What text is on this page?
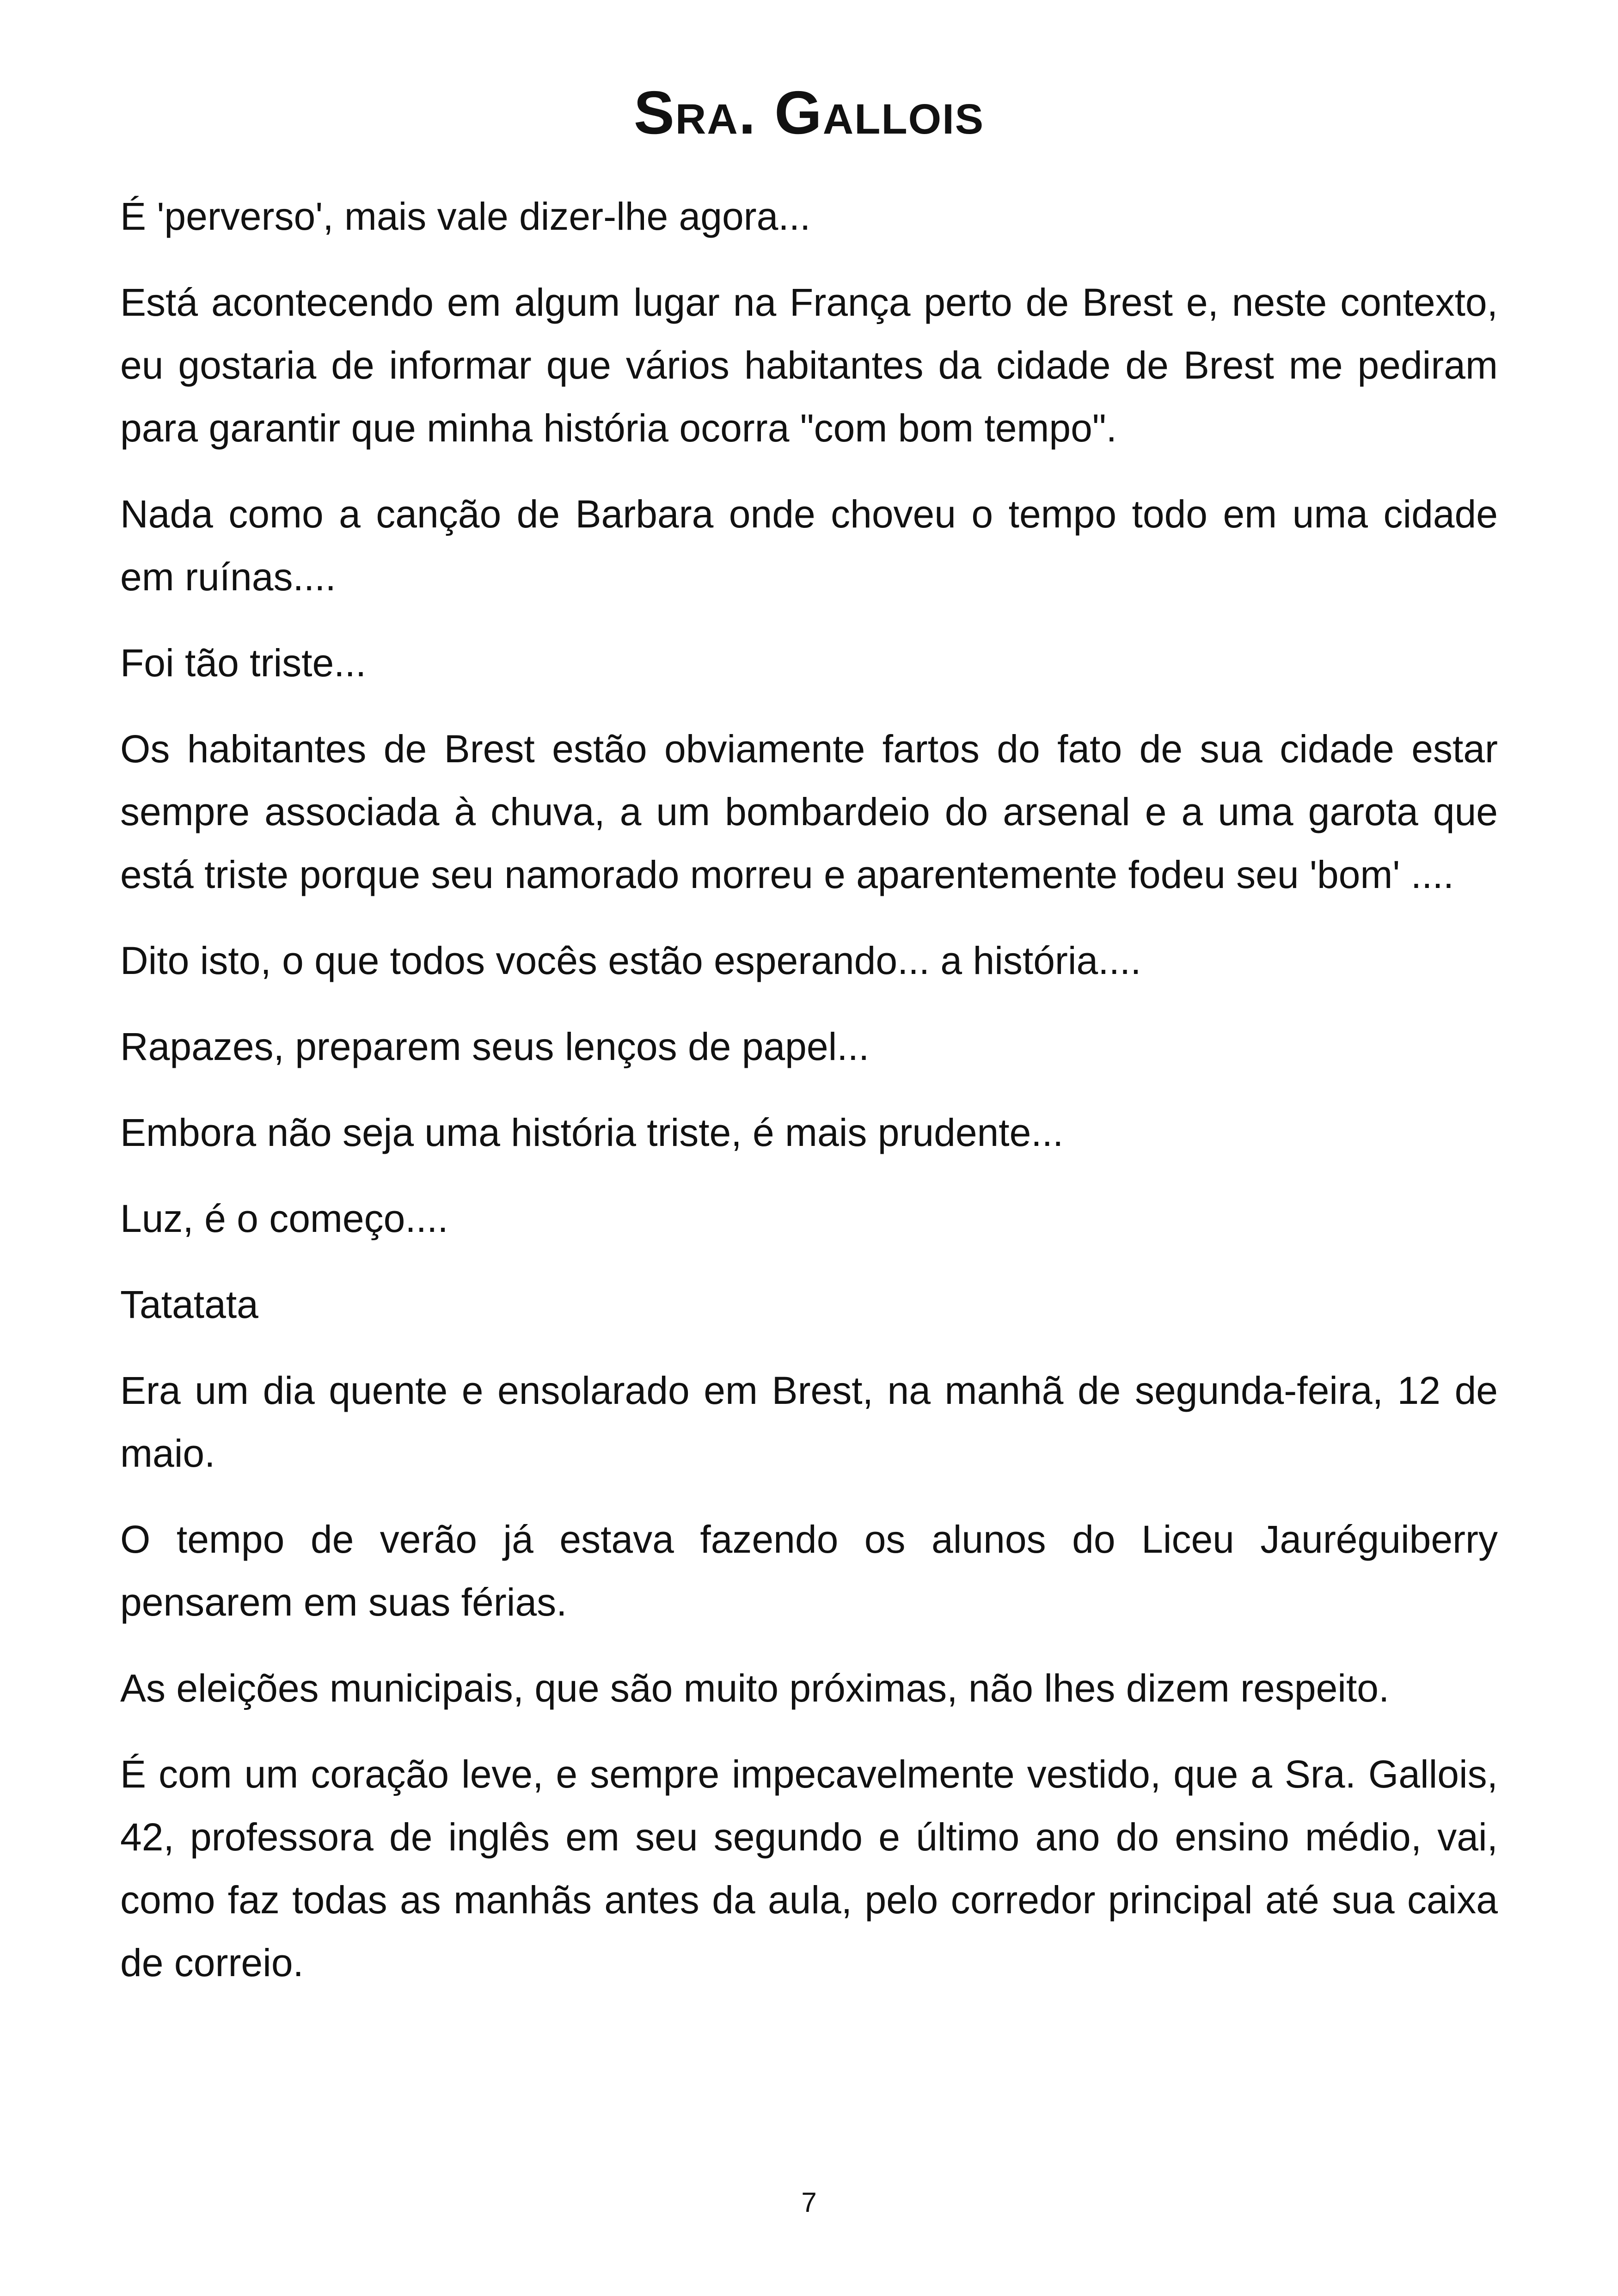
Sra. Gallois

É 'perverso', mais vale dizer-lhe agora...

Está acontecendo em algum lugar na França perto de Brest e, neste contexto, eu gostaria de informar que vários habitantes da cidade de Brest me pediram para garantir que minha história ocorra "com bom tempo".

Nada como a canção de Barbara onde choveu o tempo todo em uma cidade em ruínas....

Foi tão triste...

Os habitantes de Brest estão obviamente fartos do fato de sua cidade estar sempre associada à chuva, a um bombardeio do arsenal e a uma garota que está triste porque seu namorado morreu e aparentemente fodeu seu 'bom' ....

Dito isto, o que todos vocês estão esperando... a história....

Rapazes, preparem seus lenços de papel...

Embora não seja uma história triste, é mais prudente...

Luz, é o começo....

Tatatata

Era um dia quente e ensolarado em Brest, na manhã de segunda-feira, 12 de maio.

O tempo de verão já estava fazendo os alunos do Liceu Jauréguiberry pensarem em suas férias.

As eleições municipais, que são muito próximas, não lhes dizem respeito.

É com um coração leve, e sempre impecavelmente vestido, que a Sra. Gallois, 42, professora de inglês em seu segundo e último ano do ensino médio, vai, como faz todas as manhãs antes da aula, pelo corredor principal até sua caixa de correio.

7
